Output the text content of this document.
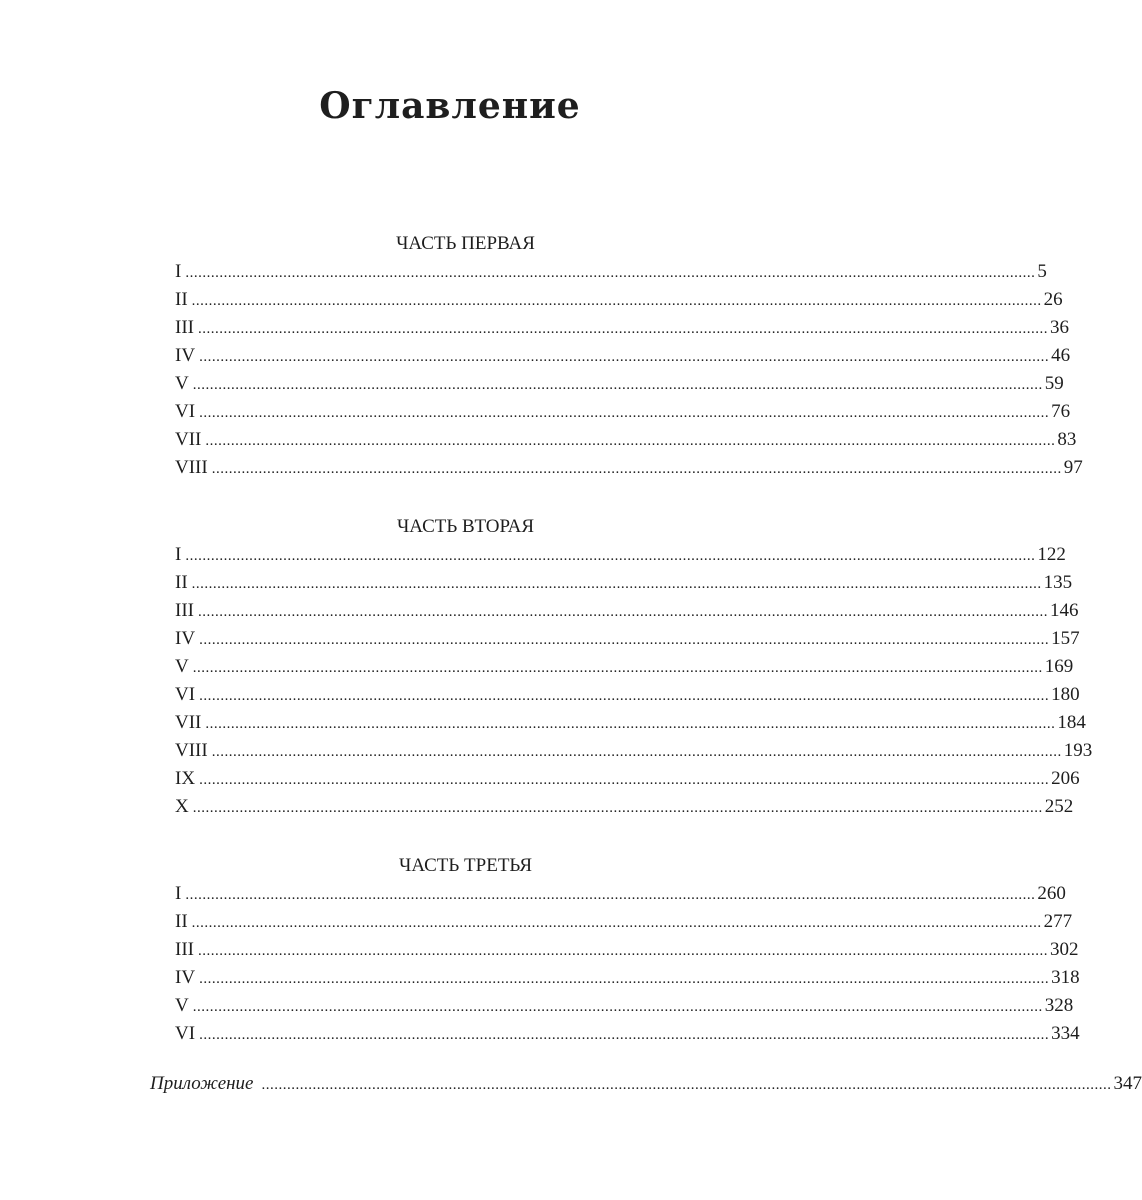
Оглавление
ЧАСТЬ ПЕРВАЯ
I ........................................................................................................................................................................................................ 5
II ........................................................................................................................................................................................................ 26
III ........................................................................................................................................................................................................ 36
IV ........................................................................................................................................................................................................ 46
V ........................................................................................................................................................................................................ 59
VI ........................................................................................................................................................................................................ 76
VII ........................................................................................................................................................................................................ 83
VIII ........................................................................................................................................................................................................ 97
ЧАСТЬ ВТОРАЯ
I ........................................................................................................................................................................................................ 122
II ........................................................................................................................................................................................................ 135
III ........................................................................................................................................................................................................ 146
IV ........................................................................................................................................................................................................ 157
V ........................................................................................................................................................................................................ 169
VI ........................................................................................................................................................................................................ 180
VII ........................................................................................................................................................................................................ 184
VIII ........................................................................................................................................................................................................ 193
IX ........................................................................................................................................................................................................ 206
X ........................................................................................................................................................................................................ 252
ЧАСТЬ ТРЕТЬЯ
I ........................................................................................................................................................................................................ 260
II ........................................................................................................................................................................................................ 277
III ........................................................................................................................................................................................................ 302
IV ........................................................................................................................................................................................................ 318
V ........................................................................................................................................................................................................ 328
VI ........................................................................................................................................................................................................ 334
Приложение ........................................................................................................................................................................................................ 347
